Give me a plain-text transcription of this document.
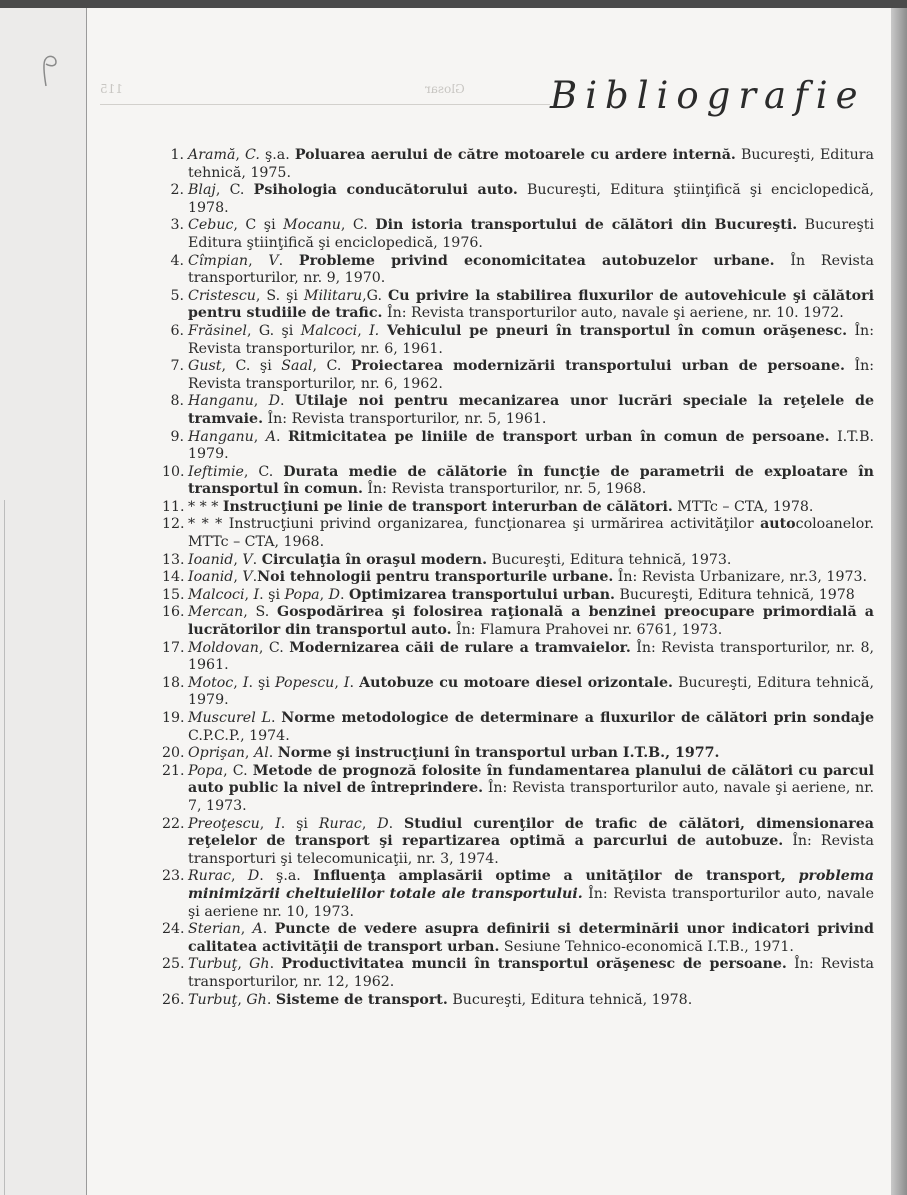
Glosar
115	Bibliografie
1. Aramă, C. ş.a. Poluarea aerului de către motoarele cu ardere internă. Bucureşti, Editura tehnică, 1975.
2. Blaj, C. Psihologia conducătorului auto. Bucureşti, Editura ştiinţifică şi enciclopedică, 1978.
3. Cebuc, C şi Mocanu, C. Din istoria transportului de călători din Bucureşti. Bucureşti Editura ştiinţifică şi enciclopedică, 1976.
4. Cîmpian, V. Probleme privind economicitatea autobuzelor urbane. În Revista transporturilor, nr. 9, 1970.
5. Cristescu, S. şi Militaru,G. Cu privire la stabilirea fluxurilor de autovehicule şi călători pentru studiile de trafic. În: Revista transporturilor auto, navale şi aeriene, nr. 10. 1972.
6. Frăsinel, G. şi Malcoci, I. Vehiculul pe pneuri în transportul în comun orăşenesc. În: Revista transporturilor, nr. 6, 1961.
7. Gust, C. şi Saal, C. Proiectarea modernizării transportului urban de persoane. În: Revista transporturilor, nr. 6, 1962.
8. Hanganu, D. Utilaje noi pentru mecanizarea unor lucrări speciale la reţelele de tramvaie. În: Revista transporturilor, nr. 5, 1961.
9. Hanganu, A. Ritmicitatea pe liniile de transport urban în comun de persoane. I.T.B. 1979.
10. Ieftimie, C. Durata medie de călătorie în funcţie de parametrii de exploatare în transportul în comun. În: Revista transporturilor, nr. 5, 1968.
11. * * * Instrucţiuni pe linie de transport interurban de călători. MTTc – CTA, 1978.
12. * * * Instrucţiuni privind organizarea, funcţionarea şi urmărirea activităţilor autocoloanelor. MTTc – CTA, 1968.
13. Ioanid, V. Circulaţia în oraşul modern. Bucureşti, Editura tehnică, 1973.
14. Ioanid, V.Noi tehnologii pentru transporturile urbane. În: Revista Urbanizare, nr.3, 1973.
15. Malcoci, I. şi Popa, D. Optimizarea transportului urban. Bucureşti, Editura tehnică, 1978
16. Mercan, S. Gospodărirea şi folosirea raţională a benzinei preocupare primordială a lucrătorilor din transportul auto. În: Flamura Prahovei nr. 6761, 1973.
17. Moldovan, C. Modernizarea căii de rulare a tramvaielor. În: Revista transporturilor, nr. 8, 1961.
18. Motoc, I. şi Popescu, I. Autobuze cu motoare diesel orizontale. Bucureşti, Editura tehnică, 1979.
19. Muscurel L. Norme metodologice de determinare a fluxurilor de călători prin sondaje C.P.C.P., 1974.
20. Oprişan, Al. Norme şi instrucţiuni în transportul urban I.T.B., 1977.
21. Popa, C. Metode de prognoză folosite în fundamentarea planului de călători cu parcul auto public la nivel de întreprindere. În: Revista transporturilor auto, navale şi aeriene, nr. 7, 1973.
22. Preoţescu, I. şi Rurac, D. Studiul curenţilor de trafic de călători, dimensionarea reţelelor de transport şi repartizarea optimă a parcurlui de autobuze. În: Revista transporturi şi telecomunicaţii, nr. 3, 1974.
23. Rurac, D. ş.a. Influenţa amplasării optime a unităţilor de transport, problema minimizării cheltuielilor totale ale transportului. În: Revista transporturilor auto, navale şi aeriene nr. 10, 1973.
24. Sterian, A. Puncte de vedere asupra definirii si determinării unor indicatori privind calitatea activităţii de transport urban. Sesiune Tehnico-economică I.T.B., 1971.
25. Turbuţ, Gh. Productivitatea muncii în transportul orăşenesc de persoane. În: Revista transporturilor, nr. 12, 1962.
26. Turbuţ, Gh. Sisteme de transport. Bucureşti, Editura tehnică, 1978.
